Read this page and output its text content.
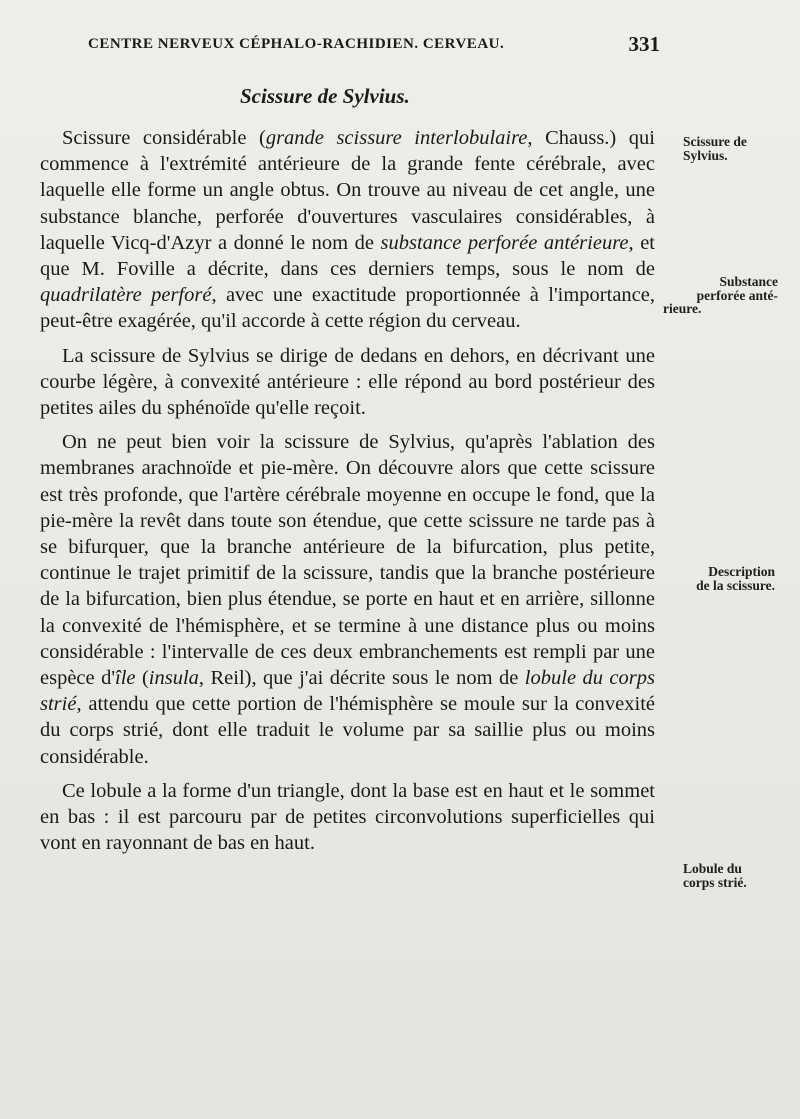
CENTRE NERVEUX CÉPHALO-RACHIDIEN. CERVEAU.	331
Scissure de Sylvius.

Scissure considérable (grande scissure interlobulaire, Chauss.) qui commence à l'extrémité antérieure de la grande fente cérébrale, avec laquelle elle forme un angle obtus. On trouve au niveau de cet angle, une substance blanche, perforée d'ouvertures vasculaires considérables, à laquelle Vicq-d'Azyr a donné le nom de substance perforée antérieure, et que M. Foville a décrite, dans ces derniers temps, sous le nom de quadrilatère perforé, avec une exactitude proportionnée à l'importance, peut-être exagérée, qu'il accorde à cette région du cerveau.

La scissure de Sylvius se dirige de dedans en dehors, en décrivant une courbe légère, à convexité antérieure : elle répond au bord postérieur des petites ailes du sphénoïde qu'elle reçoit.

On ne peut bien voir la scissure de Sylvius, qu'après l'ablation des membranes arachnoïde et pie-mère. On découvre alors que cette scissure est très profonde, que l'artère cérébrale moyenne en occupe le fond, que la pie-mère la revêt dans toute son étendue, que cette scissure ne tarde pas à se bifurquer, que la branche antérieure de la bifurcation, plus petite, continue le trajet primitif de la scissure, tandis que la branche postérieure de la bifurcation, bien plus étendue, se porte en haut et en arrière, sillonne la convexité de l'hémisphère, et se termine à une distance plus ou moins considérable : l'intervalle de ces deux embranchements est rempli par une espèce d'île (insula, Reil), que j'ai décrite sous le nom de lobule du corps strié, attendu que cette portion de l'hémisphère se moule sur la convexité du corps strié, dont elle traduit le volume par sa saillie plus ou moins considérable.

Ce lobule a la forme d'un triangle, dont la base est en haut et le sommet en bas : il est parcouru par de petites circonvolutions superficielles qui vont en rayonnant de bas en haut.

Scissure de
Sylvius.
Substance
perforée anté-
rieure.
Description
de la scissure.
Lobule du
corps strié.
